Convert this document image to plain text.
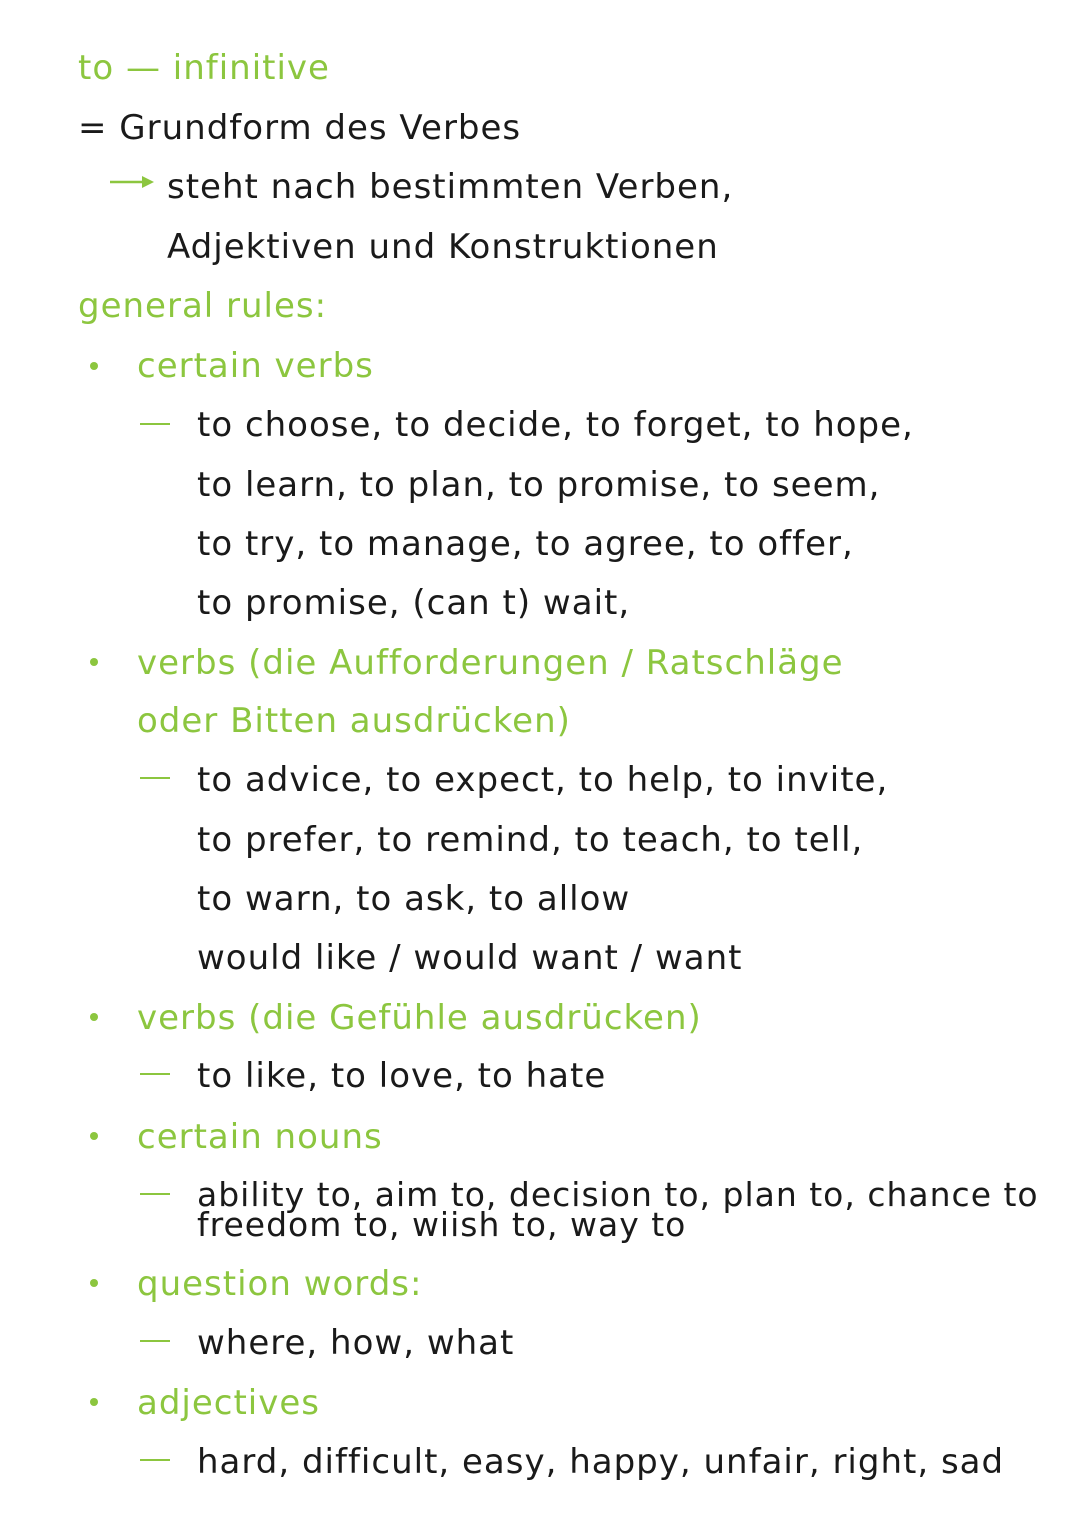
to — infinitive
= Grundform des Verbes
steht nach bestimmten Verben,
Adjektiven und Konstruktionen
general rules:
certain verbs
to choose, to decide, to forget, to hope,
to learn, to plan, to promise, to seem,
to try, to manage, to agree, to offer,
to promise, (can t) wait,
verbs (die Aufforderungen / Ratschläge
oder Bitten ausdrücken)
to advice, to expect, to help, to invite,
to prefer, to remind, to teach, to tell,
to warn, to ask, to allow
would like / would want / want
verbs (die Gefühle ausdrücken)
to like, to love, to hate
certain nouns
ability to, aim to, decision to, plan to, chance to
freedom to, wiish to, way to
question words:
where, how, what
adjectives
hard, difficult, easy, happy, unfair, right, sad
